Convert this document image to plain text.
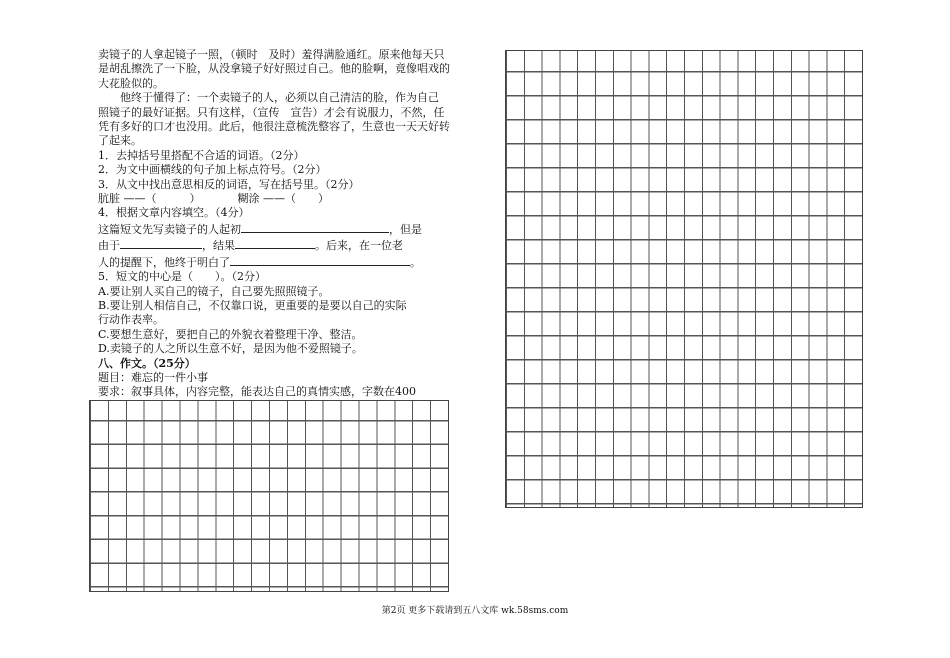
卖镜子的人拿起镜子一照，（顿时　及时）羞得满脸通红。原来他每天只

是胡乱擦洗了一下脸，从没拿镜子好好照过自己。他的脸啊，竟像唱戏的

大花脸似的。

他终于懂得了：一个卖镜子的人，必须以自己清洁的脸，作为自己

照镜子的最好证据。只有这样，（宣传　宣告）才会有说服力，不然，任

凭有多好的口才也没用。此后，他很注意梳洗整容了，生意也一天天好转

了起来。

1．去掉括号里搭配不合适的词语。（2分）

2．为文中画横线的句子加上标点符号。（2分）

3．从文中找出意思相反的词语，写在括号里。（2分）

肮脏 ——（　　　）	糊涂 ——（　　）

4．根据文章内容填空。（4分）

这篇短文先写卖镜子的人起初	，但是

由于	，结果	。后来，在一位老

人的提醒下，他终于明白了	。

5．短文的中心是（　　）。（2分）

A.要让别人买自己的镜子，自己要先照照镜子。

B.要让别人相信自己，不仅靠口说，更重要的是要以自己的实际

行动作表率。

C.要想生意好，要把自己的外貌衣着整理干净、整洁。

D.卖镜子的人之所以生意不好，是因为他不爱照镜子。

八、作文。（25分）

题目：难忘的一件小事

要求：叙事具体，内容完整，能表达自己的真情实感，字数在400

第2页 更多下载请到五八文库 wk.58sms.com
